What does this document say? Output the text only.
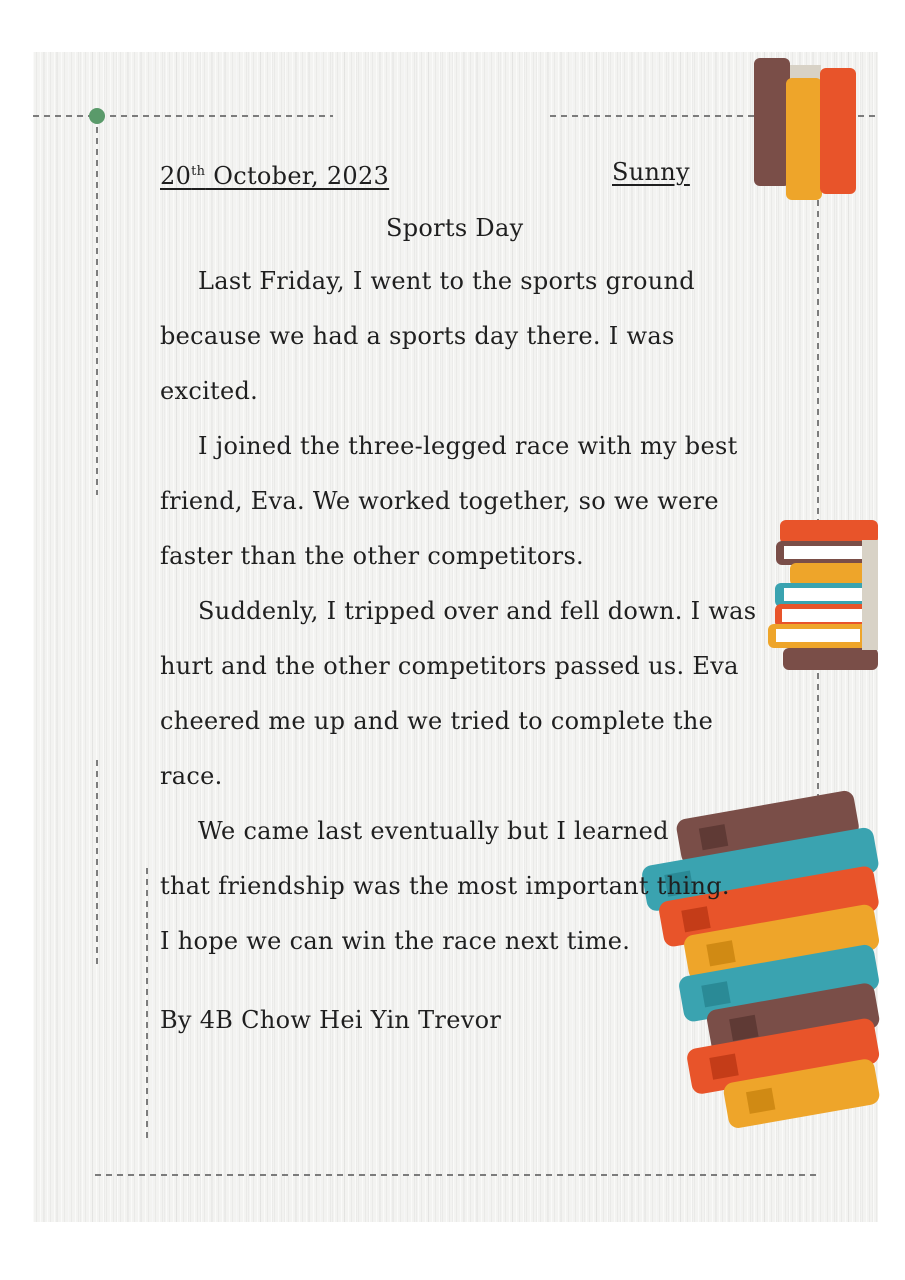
20th October, 2023	Sunny
Sports Day
Last Friday, I went to the sports ground
because we had a sports day there. I was
excited.
I joined the three-legged race with my best
friend, Eva. We worked together, so we were
faster than the other competitors.
Suddenly, I tripped over and fell down. I was
hurt and the other competitors passed us. Eva
cheered me up and we tried to complete the
race.
We came last eventually but I learned
that friendship was the most important thing.
I hope we can win the race next time.
By 4B Chow Hei Yin Trevor
